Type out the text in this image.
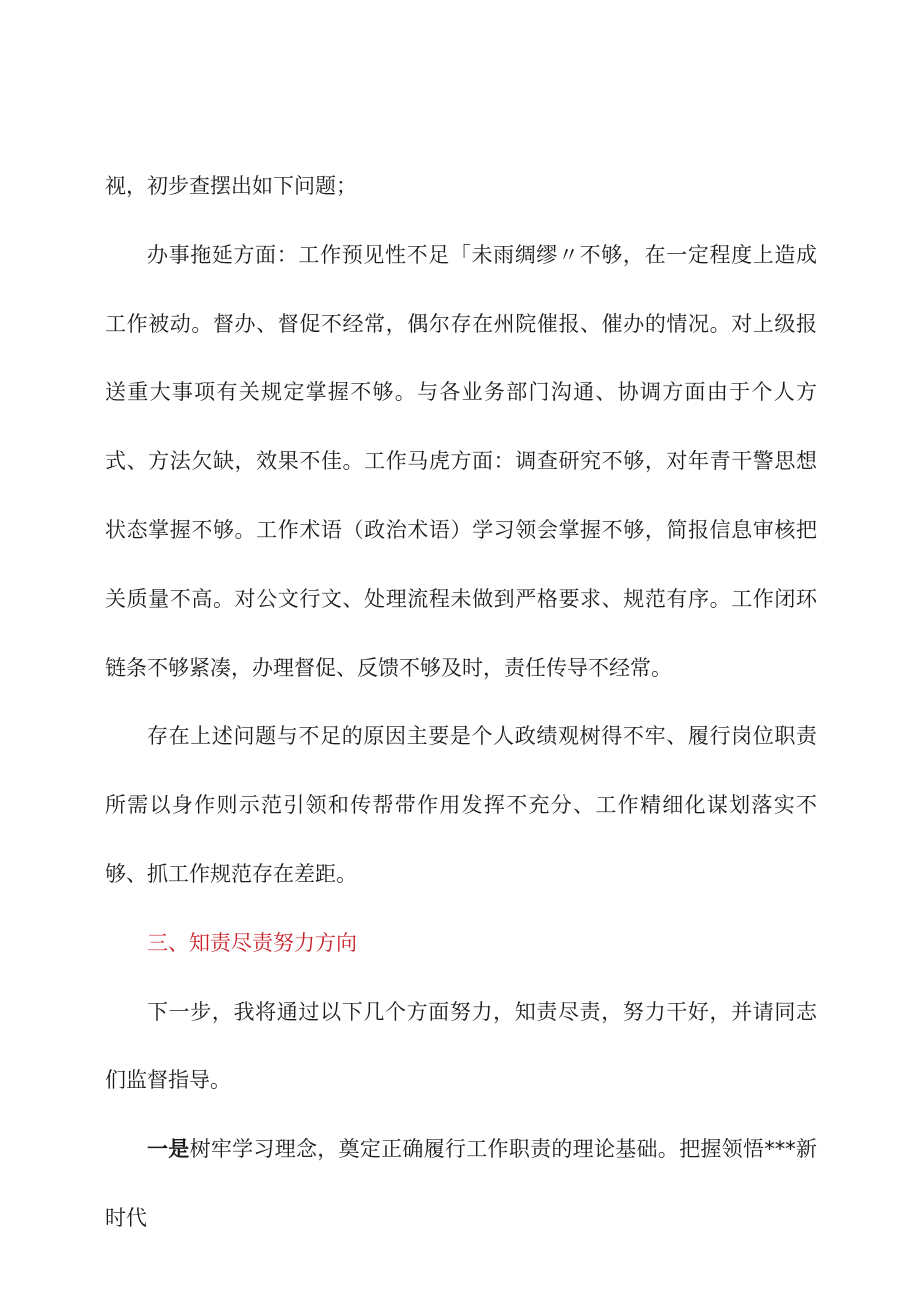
视，初步查摆出如下问题；

办事拖延方面：工作预见性不足「未雨绸缪〃不够，在一定程度上造成工作被动。督办、督促不经常，偶尔存在州院催报、催办的情况。对上级报送重大事项有关规定掌握不够。与各业务部门沟通、协调方面由于个人方式、方法欠缺，效果不佳。工作马虎方面：调查研究不够，对年青干警思想状态掌握不够。工作术语（政治术语）学习领会掌握不够，简报信息审核把关质量不高。对公文行文、处理流程未做到严格要求、规范有序。工作闭环链条不够紧凑，办理督促、反馈不够及时，责任传导不经常。

存在上述问题与不足的原因主要是个人政绩观树得不牢、履行岗位职责所需以身作则示范引领和传帮带作用发挥不充分、工作精细化谋划落实不够、抓工作规范存在差距。

三、知责尽责努力方向

下一步，我将通过以下几个方面努力，知责尽责，努力干好，并请同志们监督指导。

一是树牢学习理念，奠定正确履行工作职责的理论基础。把握领悟***新时代
